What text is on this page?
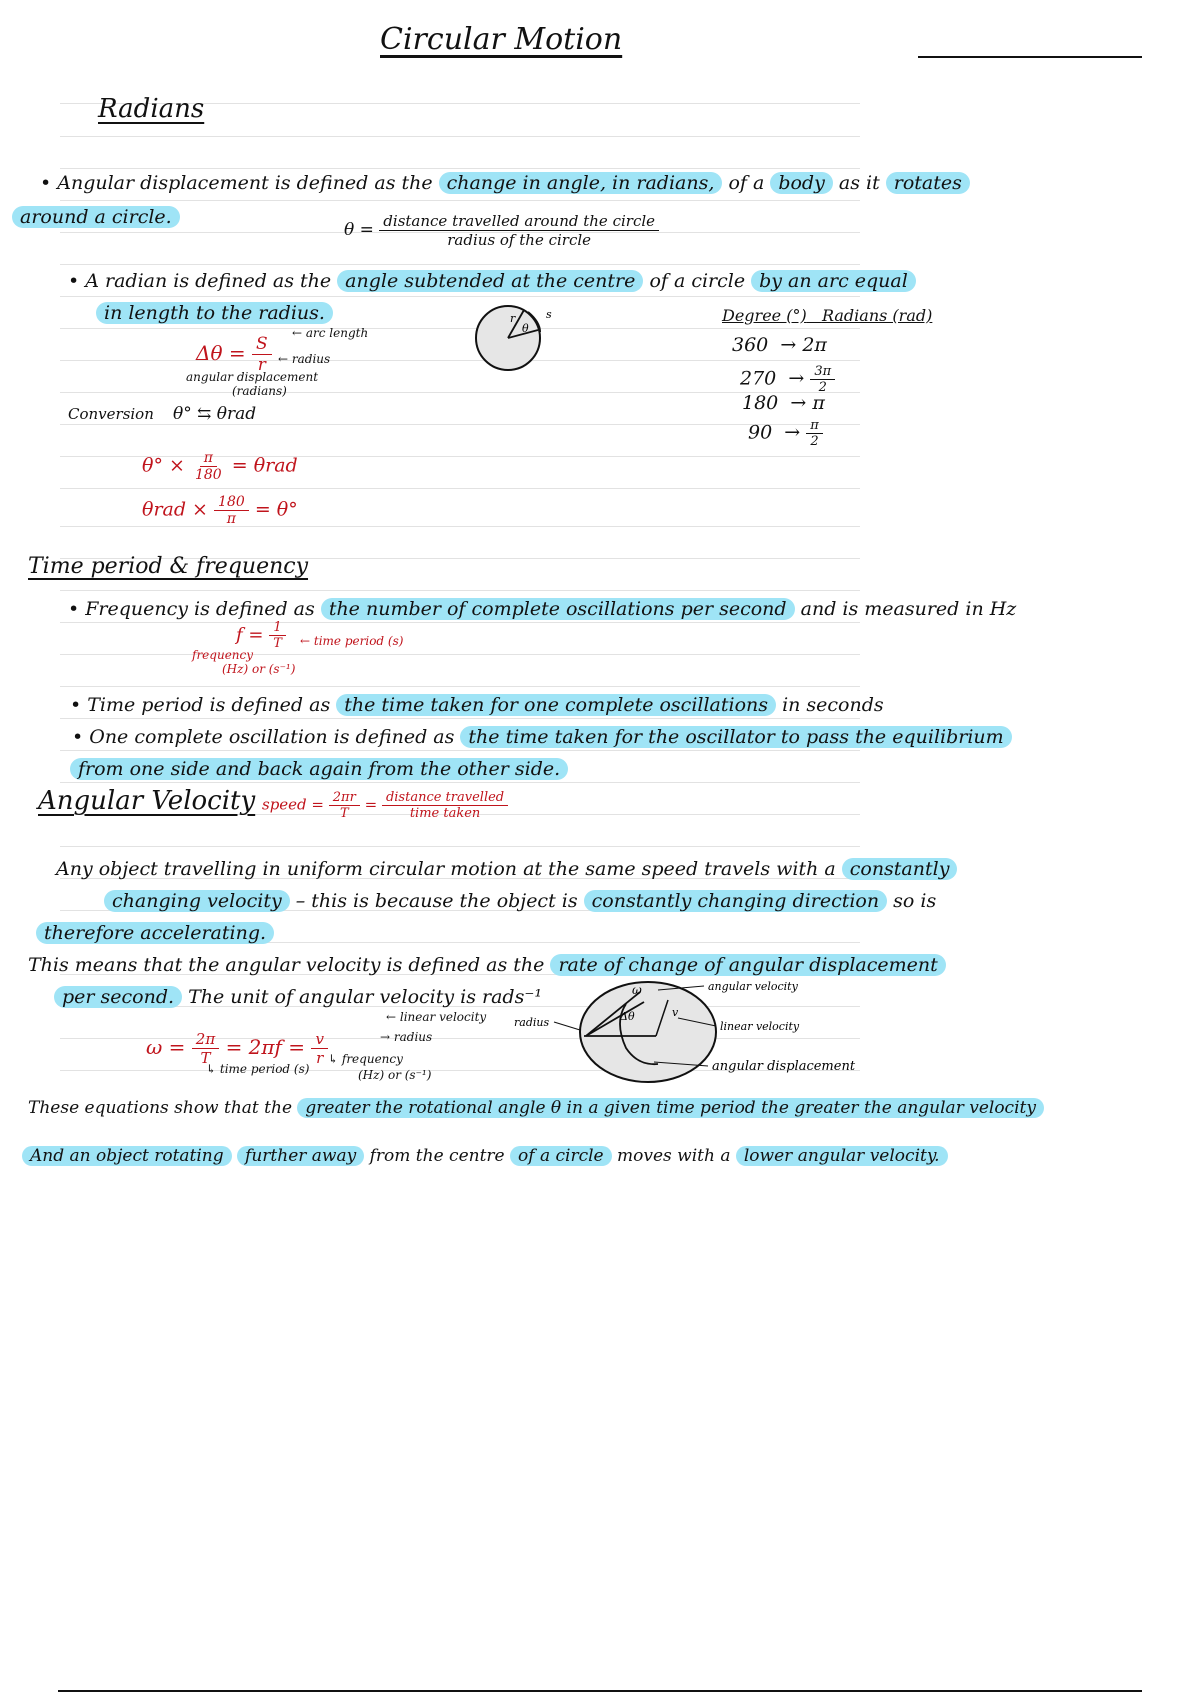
Circular Motion
Radians
• Angular displacement is defined as the change in angle, in radians, of a body as it rotates
around a circle.
$\theta = \frac{\text{distance travelled around the circle}}{\text{radius of the circle}}$
• A radian is defined as the angle subtended at the centre of a circle by an arc equal
in length to the radius.
$\Delta\theta = \frac{S}{r}$
← arc length
← radius
angular displacement
(radians)
r
θ
s	Degree (°) Radians (rad)
360 → 2π
$270 \to \frac{3\pi}{2}$
180 → π
$90 \to \frac{\pi}{2}$
Conversion θ° ⇆ θrad
$\theta^\circ \times \frac{\pi}{180} = \theta rad$
$\theta rad \times \frac{180}{\pi} = \theta^\circ$
Time period & frequency
• Frequency is defined as the number of complete oscillations per second and is measured in Hz
$f = \frac{1}{T}$ ← time period (s)
frequency
(Hz) or (s⁻¹)
• Time period is defined as the time taken for one complete oscillations in seconds
• One complete oscillation is defined as the time taken for the oscillator to pass the equilibrium
from one side and back again from the other side.
Angular Velocity speed = $\frac{2\pi r}{T} = \frac{\text{distance travelled}}{\text{time taken}}$
Any object travelling in uniform circular motion at the same speed travels with a constantly
changing velocity – this is because the object is constantly changing direction so is
therefore accelerating.
This means that the angular velocity is defined as the rate of change of angular displacement
per second. The unit of angular velocity is rads⁻¹
$\omega = \frac{2\pi}{T} = 2\pi f = \frac{v}{r}$
← linear velocity
→ radius
↳ time period (s)
↳ frequency
(Hz) or (s⁻¹)
radius
ω
Δθ	v
angular velocity
linear velocity
angular displacement
These equations show that the greater the rotational angle θ in a given time period the greater the angular velocity
And an object rotating further away from the centre of a circle moves with a lower angular velocity.
